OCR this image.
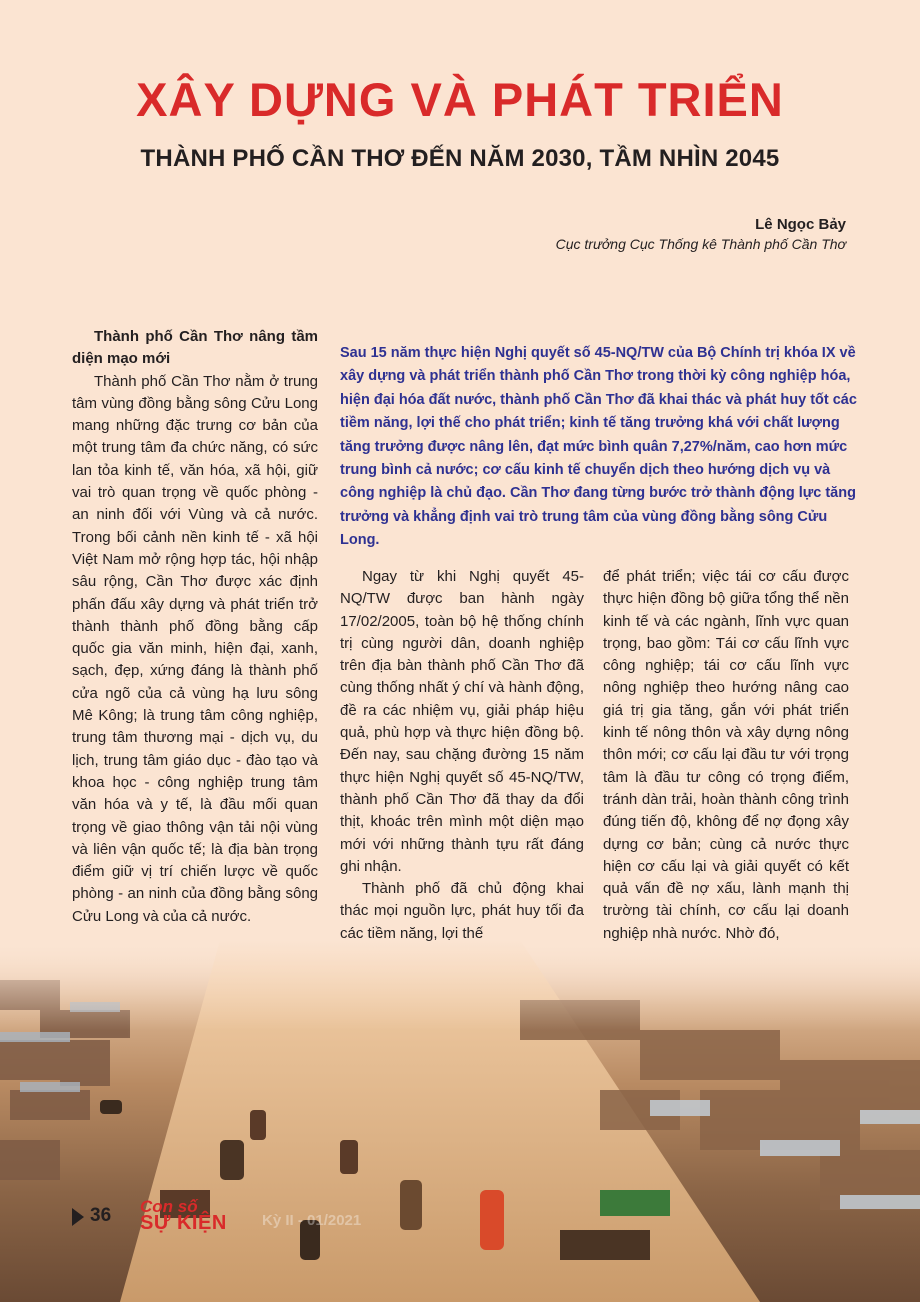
XÂY DỰNG VÀ PHÁT TRIỂN
THÀNH PHỐ CẦN THƠ ĐẾN NĂM 2030, TẦM NHÌN 2045
Lê Ngọc Bảy
Cục trưởng Cục Thống kê Thành phố Cần Thơ
Thành phố Cần Thơ nâng tầm diện mạo mới

Thành phố Cần Thơ nằm ở trung tâm vùng đồng bằng sông Cửu Long mang những đặc trưng cơ bản của một trung tâm đa chức năng, có sức lan tỏa kinh tế, văn hóa, xã hội, giữ vai trò quan trọng về quốc phòng - an ninh đối với Vùng và cả nước. Trong bối cảnh nền kinh tế - xã hội Việt Nam mở rộng hợp tác, hội nhập sâu rộng, Cần Thơ được xác định phấn đấu xây dựng và phát triển trở thành thành phố đồng bằng cấp quốc gia văn minh, hiện đại, xanh, sạch, đẹp, xứng đáng là thành phố cửa ngõ của cả vùng hạ lưu sông Mê Kông; là trung tâm công nghiệp, trung tâm thương mại - dịch vụ, du lịch, trung tâm giáo dục - đào tạo và khoa học - công nghiệp trung tâm văn hóa và y tế, là đầu mối quan trọng về giao thông vận tải nội vùng và liên vận quốc tế; là địa bàn trọng điểm giữ vị trí chiến lược về quốc phòng - an ninh của đồng bằng sông Cửu Long và của cả nước.

Sau 15 năm thực hiện Nghị quyết số 45-NQ/TW của Bộ Chính trị khóa IX về xây dựng và phát triển thành phố Cần Thơ trong thời kỳ công nghiệp hóa, hiện đại hóa đất nước, thành phố Cần Thơ đã khai thác và phát huy tốt các tiềm năng, lợi thế cho phát triển; kinh tế tăng trưởng khá với chất lượng tăng trưởng được nâng lên, đạt mức bình quân 7,27%/năm, cao hơn mức trung bình cả nước; cơ cấu kinh tế chuyển dịch theo hướng dịch vụ và công nghiệp là chủ đạo. Cần Thơ đang từng bước trở thành động lực tăng trưởng và khẳng định vai trò trung tâm của vùng đồng bằng sông Cửu Long.

Ngay từ khi Nghị quyết 45-NQ/TW được ban hành ngày 17/02/2005, toàn bộ hệ thống chính trị cùng người dân, doanh nghiệp trên địa bàn thành phố Cần Thơ đã cùng thống nhất ý chí và hành động, đề ra các nhiệm vụ, giải pháp hiệu quả, phù hợp và thực hiện đồng bộ. Đến nay, sau chặng đường 15 năm thực hiện Nghị quyết số 45-NQ/TW, thành phố Cần Thơ đã thay da đổi thịt, khoác trên mình một diện mạo mới với những thành tựu rất đáng ghi nhận.

Thành phố đã chủ động khai thác mọi nguồn lực, phát huy tối đa các tiềm năng, lợi thế

để phát triển; việc tái cơ cấu được thực hiện đồng bộ giữa tổng thể nền kinh tế và các ngành, lĩnh vực quan trọng, bao gồm: Tái cơ cấu lĩnh vực công nghiệp; tái cơ cấu lĩnh vực nông nghiệp theo hướng nâng cao giá trị gia tăng, gắn với phát triển kinh tế nông thôn và xây dựng nông thôn mới; cơ cấu lại đầu tư với trọng tâm là đầu tư công có trọng điểm, tránh dàn trải, hoàn thành công trình đúng tiến độ, không để nợ đọng xây dựng cơ bản; cùng cả nước thực hiện cơ cấu lại và giải quyết có kết quả vấn đề nợ xấu, lành mạnh thị trường tài chính, cơ cấu lại doanh nghiệp nhà nước. Nhờ đó,

36 Con số
SỰ KIỆN Kỳ II - 01/2021
